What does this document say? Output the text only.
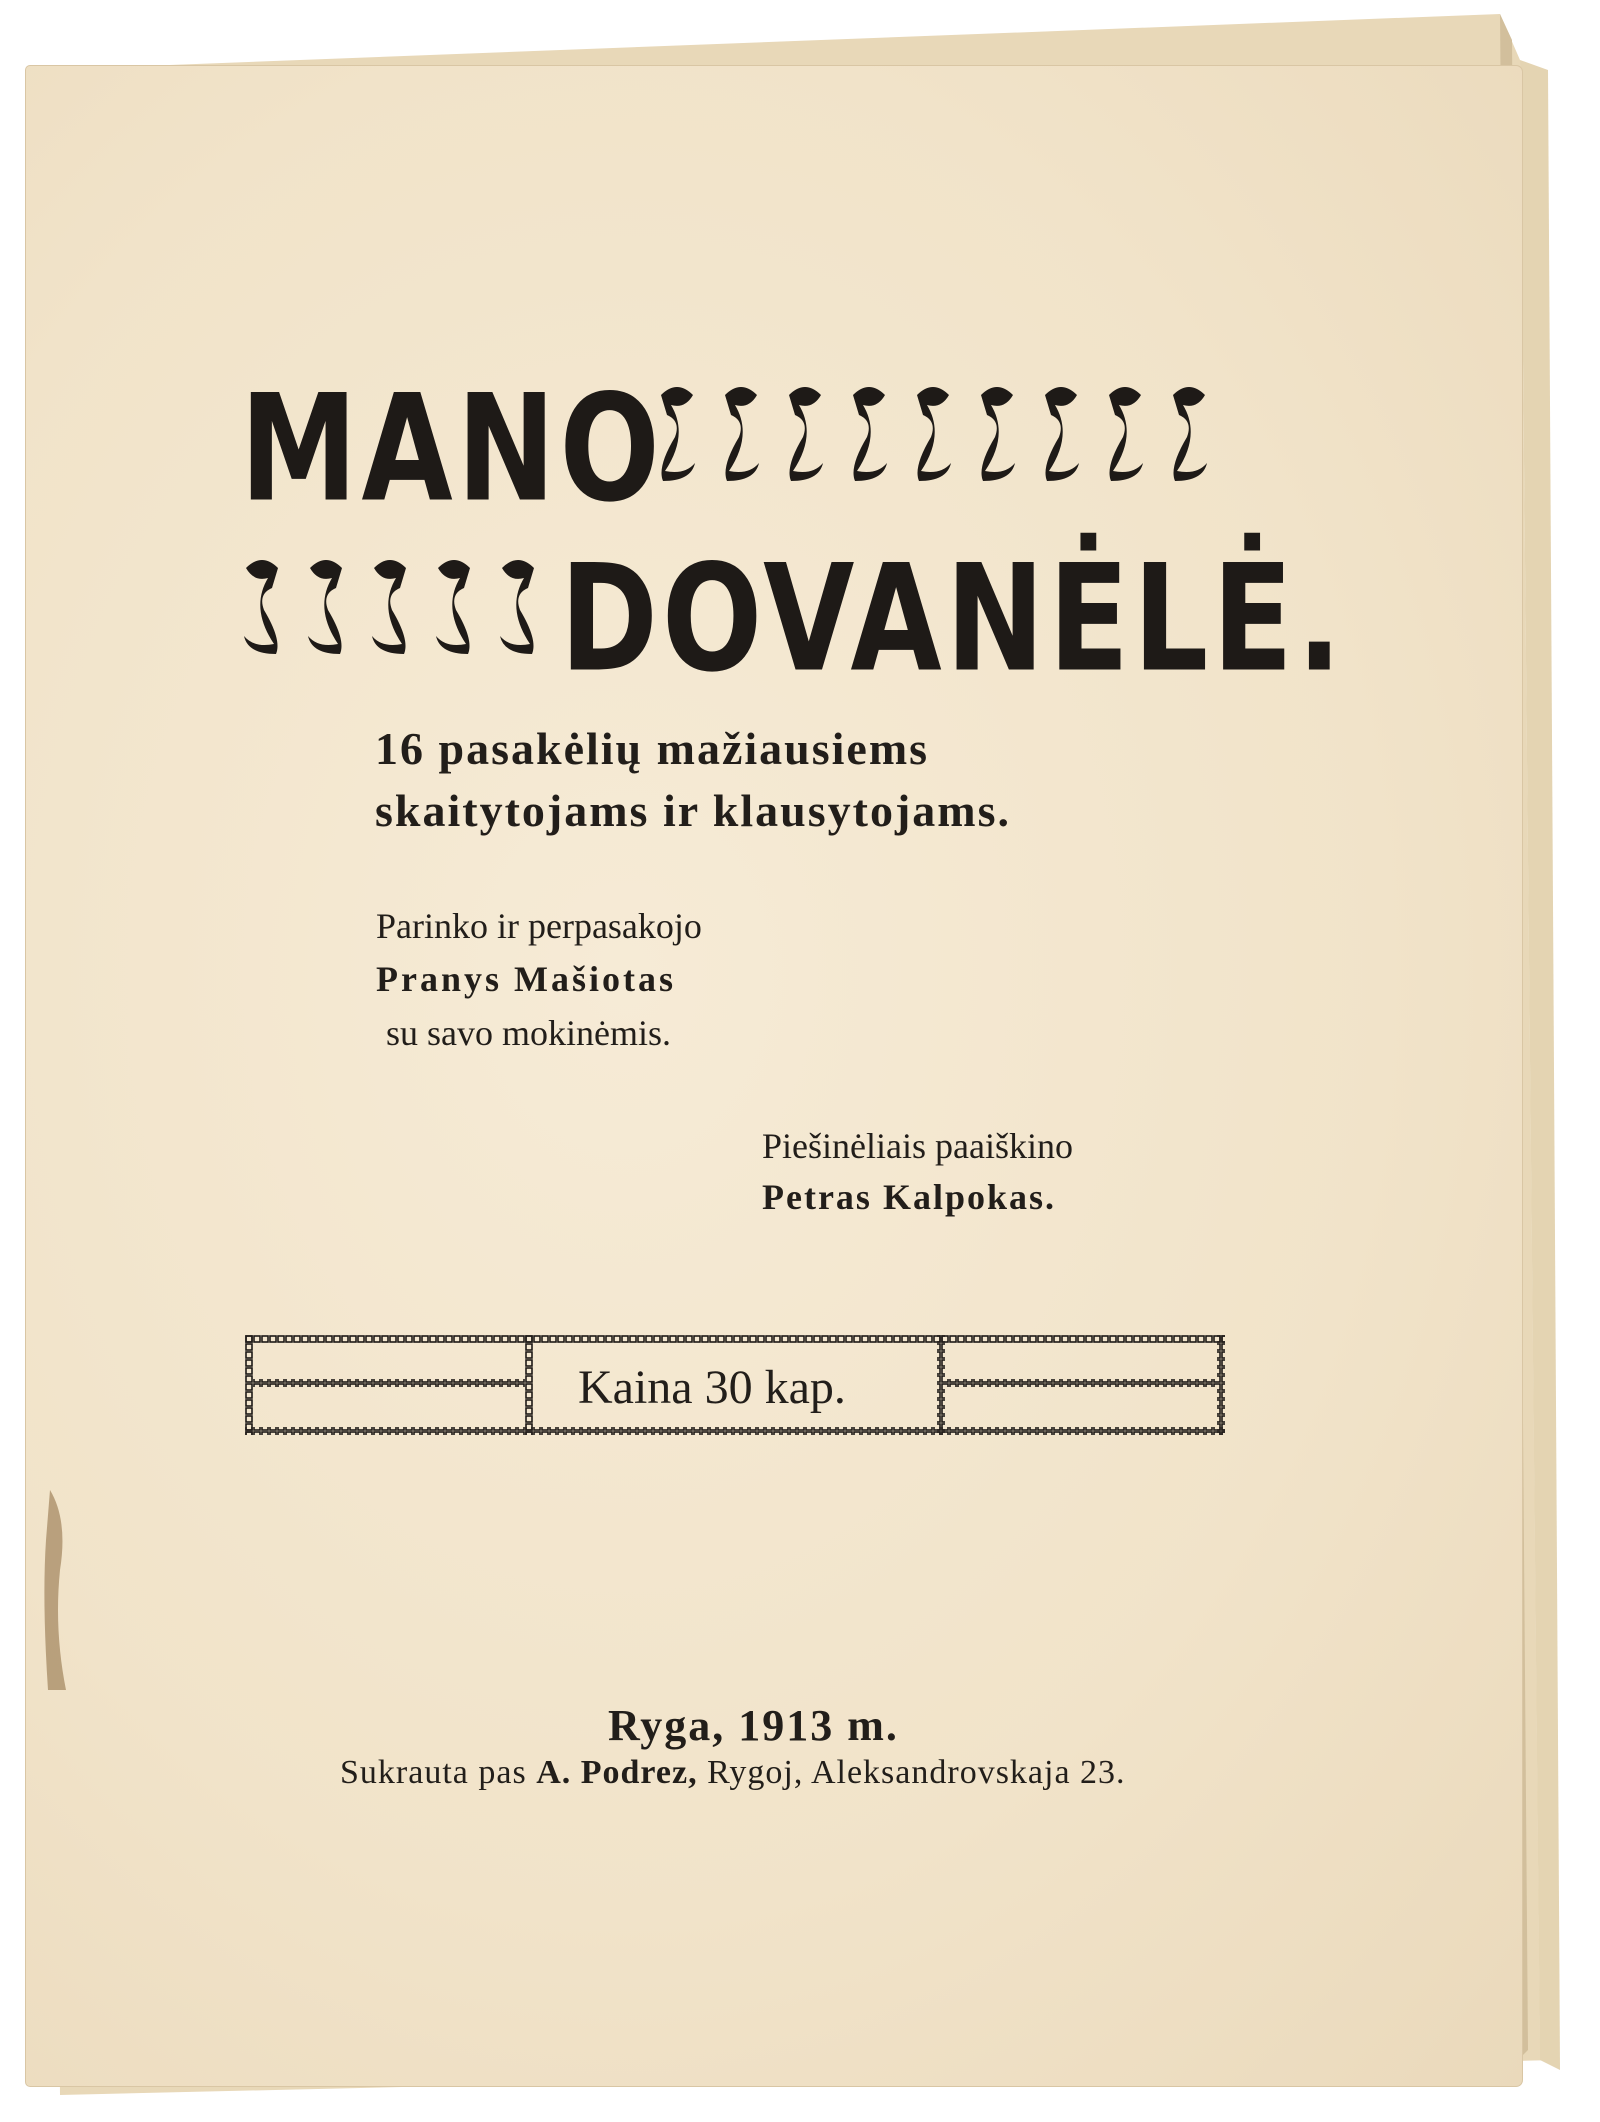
MANO
DOVANĖLĖ.
16 pasakėlių mažiausiems
skaitytojams ir klausytojams.
Parinko ir perpasakojo
Pranys Mašiotas
su savo mokinėmis.
Piešinėliais paaiškino
Petras Kalpokas.
Kaina 30 kap.
Ryga, 1913 m.
Sukrauta pas A. Podrez, Rygoj, Aleksandrovskaja 23.
